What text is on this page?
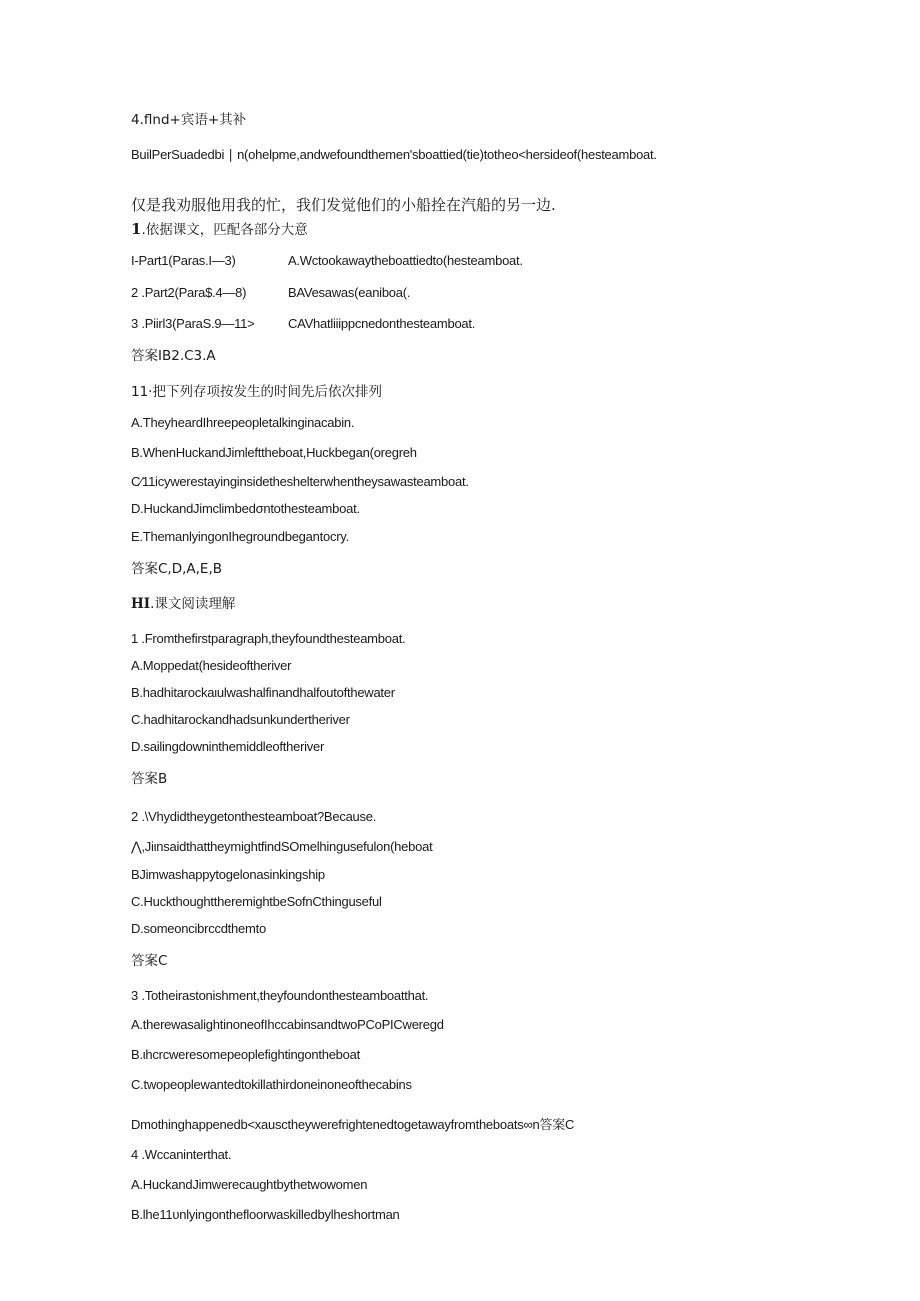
4.flnd+宾语+其补
BuilPerSuadedbi ∣ n(ohelpme,andwefoundthemen'sboattied(tie)totheo<hersideof(hesteamboat.
仅是我劝服他用我的忙，我们发觉他们的小船拴在汽船的另一边.
1.依据课文，匹配各部分大意
I-Part1(Paras.I—3)	A.Wctookawaytheboattiedto(hesteamboat.
2 .Part2(Para$.4—8)	BAVesawas(eanіboa(.
3 .Piirl3(ParaS.9—11>	CAVhatliiippcnedonthesteamboat.
答案IB2.C3.A
11·把下列存项按发生的时间先后依次排列
A.TheyheardIhreepeopletalkinginacabin.
B.WhenHuckandJimlefttheboat,Huckbegan(oregreh
C⁄11icywerestayinginsidetheshelterwhentheysawasteamboat.
D.HuckandJimclimbedσntothesteamboat.
E.ThemanlyingonIhegroundbegantocry.
答案C,D,A,E,B
HI.课文阅读理解
1 .Fromthefirstparagraph,theyfoundthesteamboat.
A.Moppedat(hesideoftheriver
B.hadhitarockaιulwashalfinandhalfoutofthewater
C.hadhitarockandhadsunkundertheriver
D.sailingdowninthemiddleoftheriver
答案B
2 .\Vhydidtheygetonthesteamboat?Because.
⋀,JiιnsaidthattheymightfindSOmelhingusefulon(heboat
BJimwashappytogelonasinkingship
C.HuckthoughttheremightbeSofnCthinguseful
D.someoncibrccdthemto
答案C
3 .Totheirastonishment,theyfoundonthesteamboatthat.
A.therewasalightinoneofIhccabinsandtwoPCoPICweregd
B.ιhcrcweresomepeoplefightingontheboat
C.twopeoplewantedtokillathirdoneinoneofthecabins
Dmothinghappenedb<xausctheywerefrightenedtogetawayfromtheboats∞n答案C
4 .Wccaninterthat.
A.HuckandJimwerecaughtbythetwowomen
B.lhe11υnlyingonthefloorwaskilledbylheshortman
